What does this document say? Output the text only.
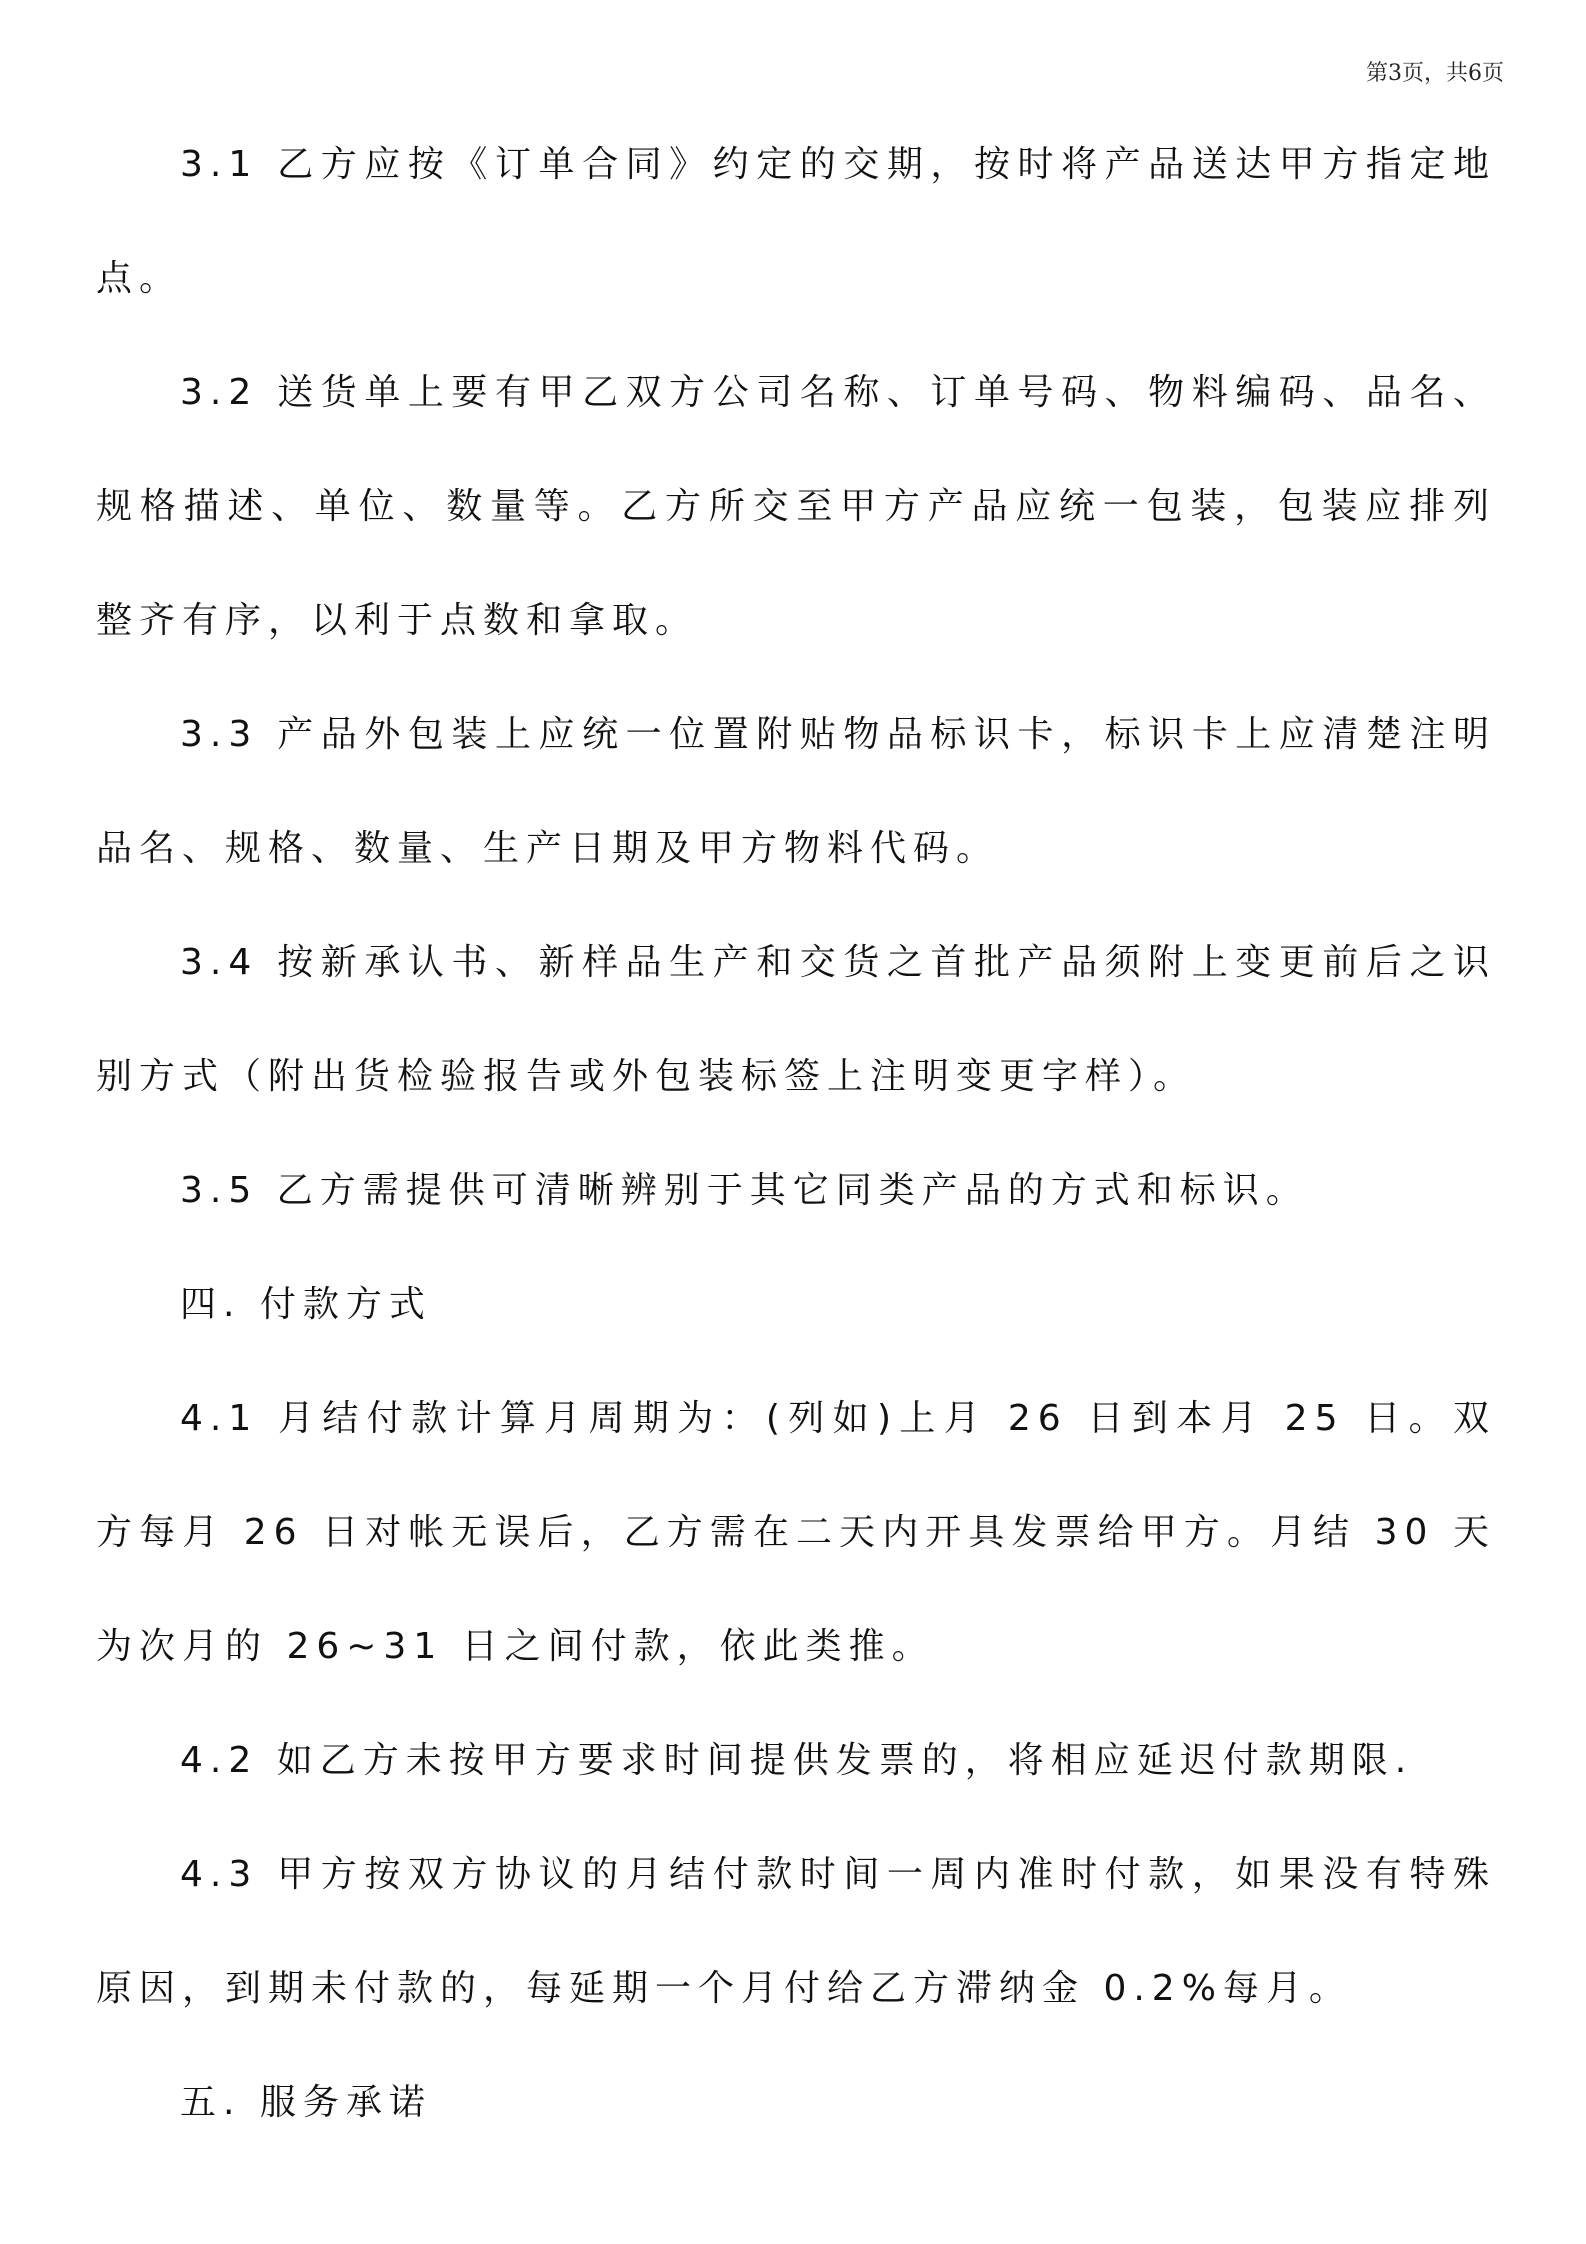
第3页，共6页

3.1 乙方应按《订单合同》约定的交期，按时将产品送达甲方指定地点。

3.2 送货单上要有甲乙双方公司名称、订单号码、物料编码、品名、规格描述、单位、数量等。乙方所交至甲方产品应统一包装，包装应排列整齐有序，以利于点数和拿取。

3.3 产品外包装上应统一位置附贴物品标识卡，标识卡上应清楚注明品名、规格、数量、生产日期及甲方物料代码。

3.4 按新承认书、新样品生产和交货之首批产品须附上变更前后之识别方式（附出货检验报告或外包装标签上注明变更字样）。

3.5 乙方需提供可清晰辨别于其它同类产品的方式和标识。

四. 付款方式

4.1 月结付款计算月周期为：(列如)上月 26 日到本月 25 日。双方每月 26 日对帐无误后，乙方需在二天内开具发票给甲方。月结 30 天为次月的 26~31 日之间付款，依此类推。

4.2 如乙方未按甲方要求时间提供发票的，将相应延迟付款期限.

4.3 甲方按双方协议的月结付款时间一周内准时付款，如果没有特殊原因，到期未付款的，每延期一个月付给乙方滞纳金 0.2%每月。

五. 服务承诺
